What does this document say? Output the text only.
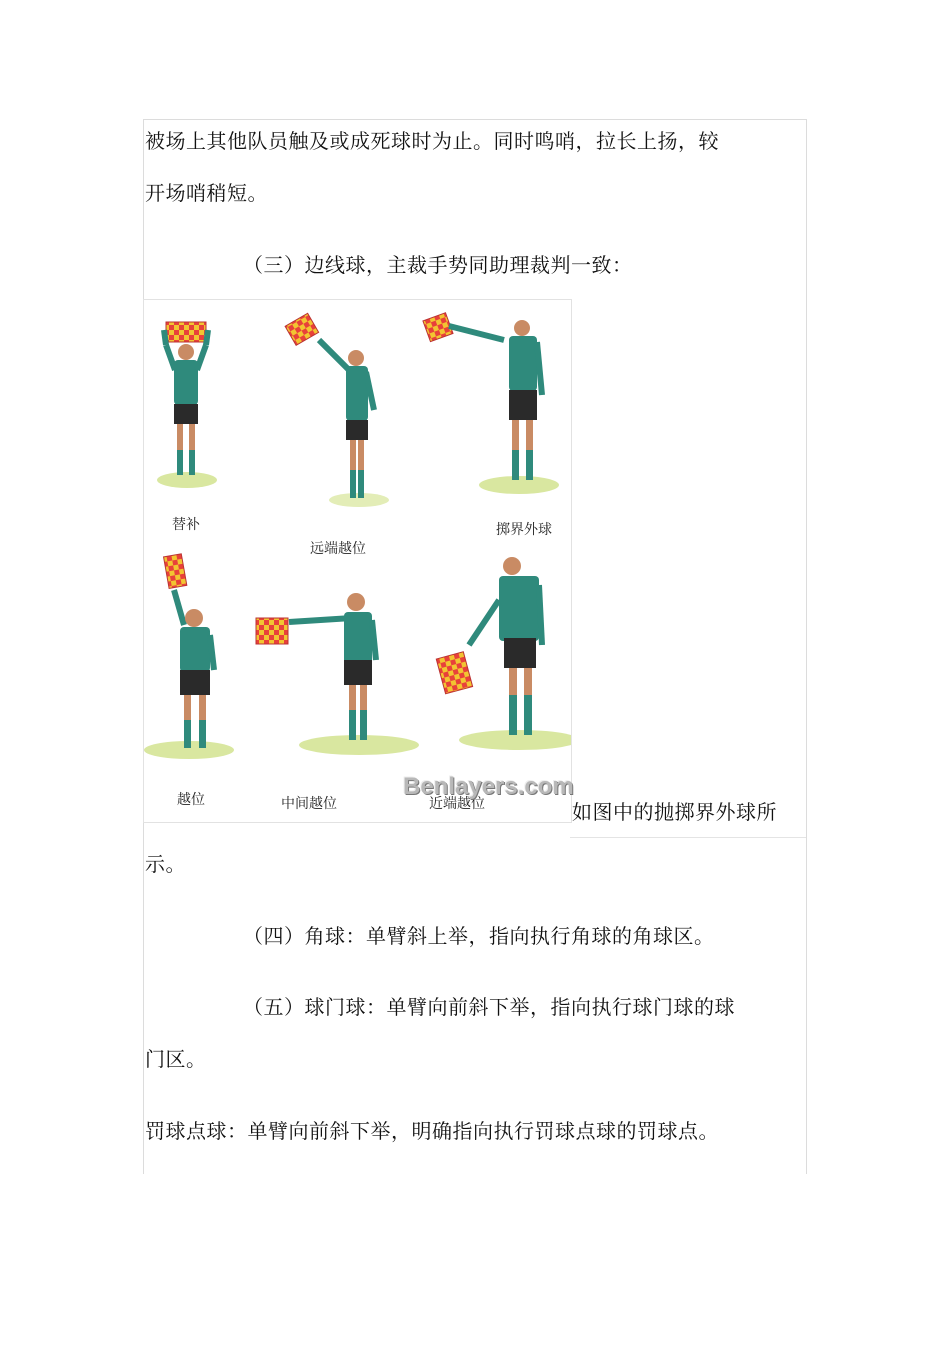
被场上其他队员触及或成死球时为止。同时鸣哨，拉长上扬，较
开场哨稍短。
（三）边线球，主裁手势同助理裁判一致：
替补
远端越位
掷界外球
越位	中间越位	近端越位
Benlayers.com
如图中的抛掷界外球所
示。
（四）角球：单臂斜上举，指向执行角球的角球区。
（五）球门球：单臂向前斜下举，指向执行球门球的球
门区。
罚球点球：单臂向前斜下举，明确指向执行罚球点球的罚球点。
